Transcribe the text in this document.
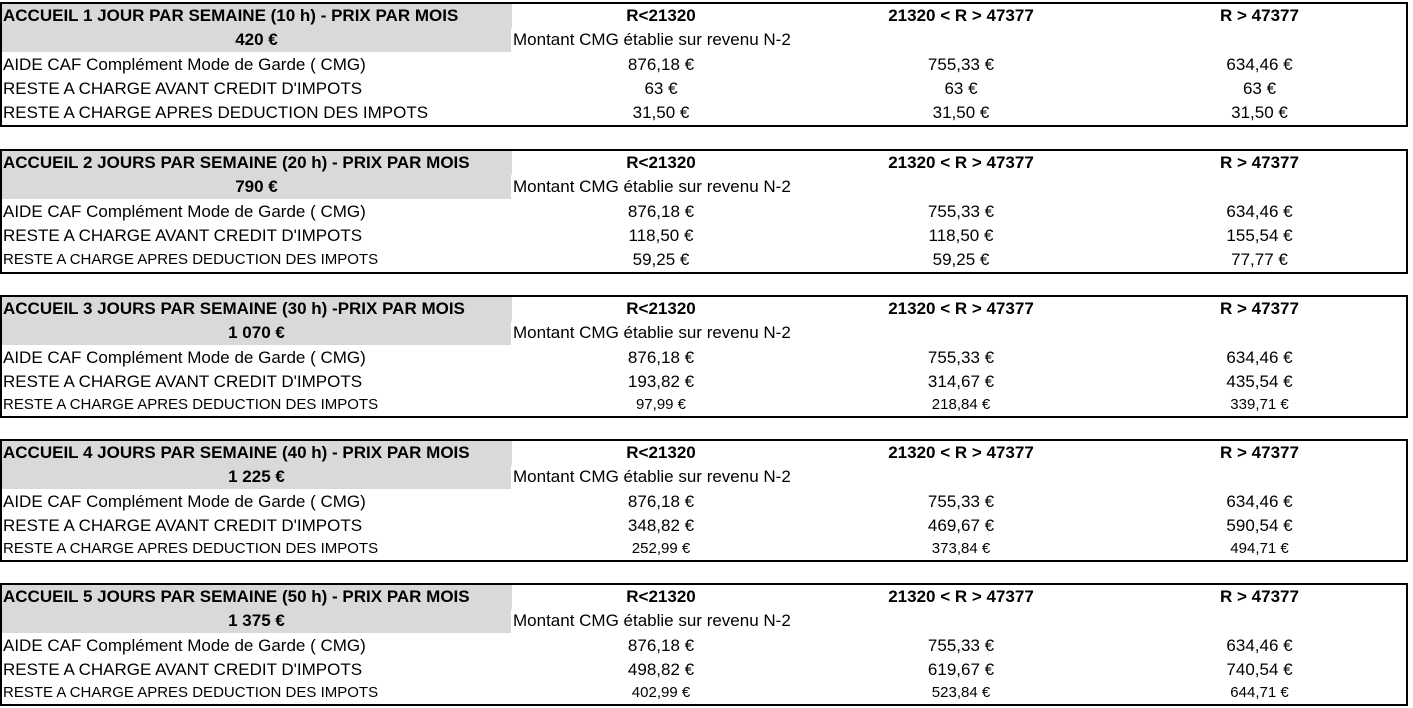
ACCUEIL 1 JOUR PAR SEMAINE (10 h) - PRIX PAR MOIS	R<21320	21320 < R > 47377	R > 47377
420 €	Montant CMG établie sur revenu N-2
AIDE CAF Complément Mode de Garde ( CMG)	876,18 €	755,33 €	634,46 €
RESTE A CHARGE AVANT CREDIT D'IMPOTS	63 €	63 €	63 €
RESTE A CHARGE APRES DEDUCTION DES IMPOTS	31,50 €	31,50 €	31,50 €
ACCUEIL 2 JOURS PAR SEMAINE (20 h) - PRIX PAR MOIS	R<21320	21320 < R > 47377	R > 47377
790 €	Montant CMG établie sur revenu N-2
AIDE CAF Complément Mode de Garde ( CMG)	876,18 €	755,33 €	634,46 €
RESTE A CHARGE AVANT CREDIT D'IMPOTS	118,50 €	118,50 €	155,54 €
RESTE A CHARGE APRES DEDUCTION DES IMPOTS	59,25 €	59,25 €	77,77 €
ACCUEIL 3 JOURS PAR SEMAINE (30 h) -PRIX PAR MOIS	R<21320	21320 < R > 47377	R > 47377
1 070 €	Montant CMG établie sur revenu N-2
AIDE CAF Complément Mode de Garde ( CMG)	876,18 €	755,33 €	634,46 €
RESTE A CHARGE AVANT CREDIT D'IMPOTS	193,82 €	314,67 €	435,54 €
RESTE A CHARGE APRES DEDUCTION DES IMPOTS	97,99 €	218,84 €	339,71 €
ACCUEIL 4 JOURS PAR SEMAINE (40 h) - PRIX PAR MOIS	R<21320	21320 < R > 47377	R > 47377
1 225 €	Montant CMG établie sur revenu N-2
AIDE CAF Complément Mode de Garde ( CMG)	876,18 €	755,33 €	634,46 €
RESTE A CHARGE AVANT CREDIT D'IMPOTS	348,82 €	469,67 €	590,54 €
RESTE A CHARGE APRES DEDUCTION DES IMPOTS	252,99 €	373,84 €	494,71 €
ACCUEIL 5 JOURS PAR SEMAINE (50 h) - PRIX PAR MOIS	R<21320	21320 < R > 47377	R > 47377
1 375 €	Montant CMG établie sur revenu N-2
AIDE CAF Complément Mode de Garde ( CMG)	876,18 €	755,33 €	634,46 €
RESTE A CHARGE AVANT CREDIT D'IMPOTS	498,82 €	619,67 €	740,54 €
RESTE A CHARGE APRES DEDUCTION DES IMPOTS	402,99 €	523,84 €	644,71 €
